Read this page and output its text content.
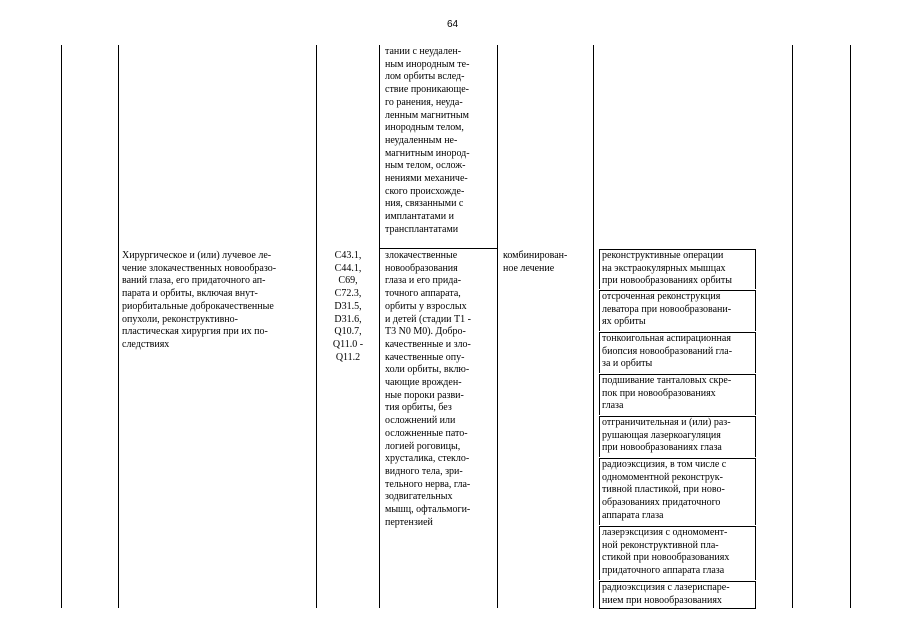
64
тании с неудален-
ным инородным те-
лом орбиты вслед-
ствие проникающе-
го ранения, неуда-
ленным магнитным
инородным телом,
неудаленным не-
магнитным инород-
ным телом, ослож-
нениями механиче-
ского происхожде-
ния, связанными с
имплантатами и
трансплантатами
Хирургическое и (или) лучевое ле-
чение злокачественных новообразо-
ваний глаза, его придаточного ап-
парата и орбиты, включая внут-
риорбитальные доброкачественные
опухоли, реконструктивно-
пластическая хирургия при их по-
следствиях
C43.1,
C44.1,
C69,
C72.3,
D31.5,
D31.6,
Q10.7,
Q11.0 -
Q11.2
злокачественные
новообразования
глаза и его прида-
точного аппарата,
орбиты у взрослых
и детей (стадии T1 -
T3 N0 M0). Добро-
качественные и зло-
качественные опу-
холи орбиты, вклю-
чающие врожден-
ные пороки разви-
тия орбиты, без
осложнений или
осложненные пато-
логией роговицы,
хрусталика, стекло-
видного тела, зри-
тельного нерва, гла-
зодвигательных
мышц, офтальмоги-
пертензией
комбинирован-
ное лечение
реконструктивные операции
на экстраокулярных мышцах
при новообразованиях орбиты
отсроченная реконструкция
леватора при новообразовани-
ях орбиты
тонкоигольная аспирационная
биопсия новообразований гла-
за и орбиты
подшивание танталовых скре-
пок при новообразованиях
глаза
отграничительная и (или) раз-
рушающая лазеркоагуляция
при новообразованиях глаза
радиоэксцизия, в том числе с
одномоментной реконструк-
тивной пластикой, при ново-
образованиях придаточного
аппарата глаза
лазерэксцизия с одномомент-
ной реконструктивной пла-
стикой при новообразованиях
придаточного аппарата глаза
радиоэксцизия с лазериспаре-
нием при новообразованиях
